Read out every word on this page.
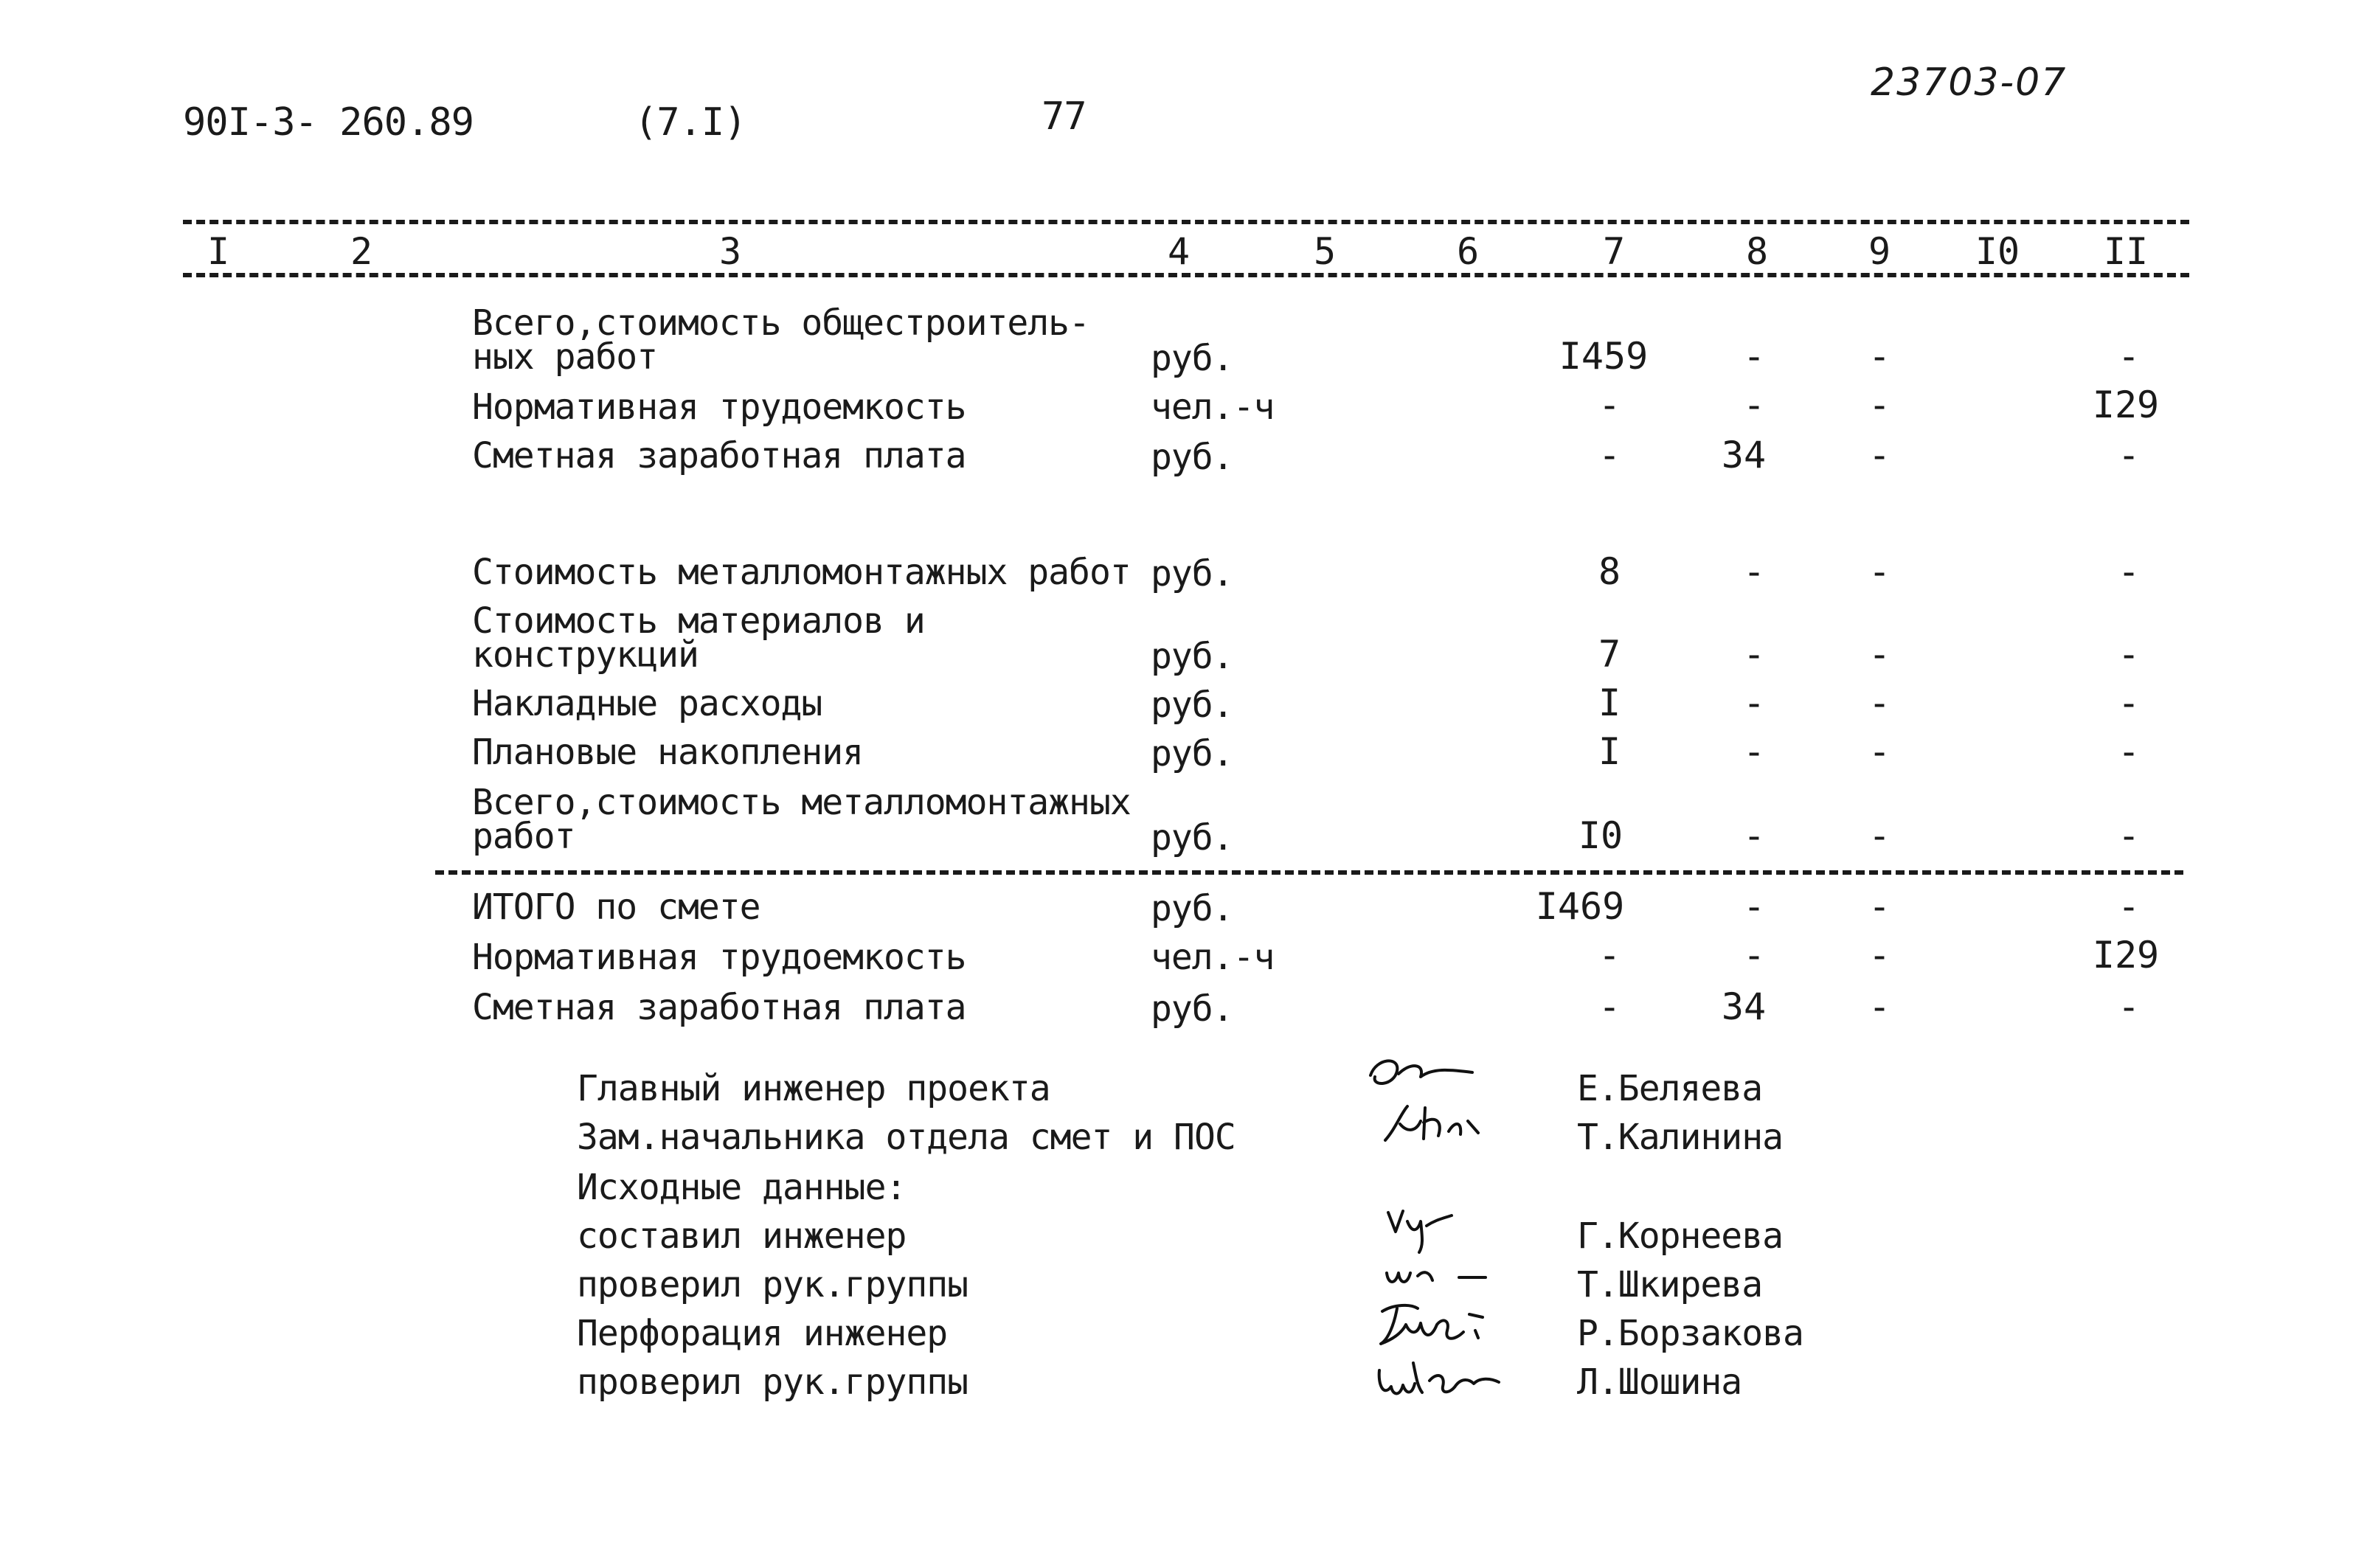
90I-3- 260.89	(7.I)	77
23703-07
I	2	3	4	5	6	7	8	9 I0 II
Всего,стоимость общестроитель-
ных работ	руб.	I459	-	-	-
Нормативная трудоемкость	чел.-ч	-	-	-	I29
Сметная заработная плата	руб.	-	34	-	-
Стоимость металломонтажных работ руб.	8	-	-	-
Стоимость материалов и
конструкций	руб.	7	-	-	-
Накладные расходы	руб.	I	-	-	-
Плановые накопления	руб.	I	-	-	-
Всего,стоимость металломонтажных
работ	руб.	I0	-	-	-
ИТОГО по смете	руб.	I469	-	-	-
Нормативная трудоемкость	чел.-ч	-	-	-	I29
Сметная заработная плата	руб.	-	34	-	-
Главный инженер проекта	Е.Беляева
Зам.начальника отдела смет и ПОС	Т.Калинина
Исходные данные:
составил инженер	Г.Корнеева
проверил рук.группы	Т.Шкирева
Перфорация инженер	Р.Борзакова
проверил рук.группы	Л.Шошина
